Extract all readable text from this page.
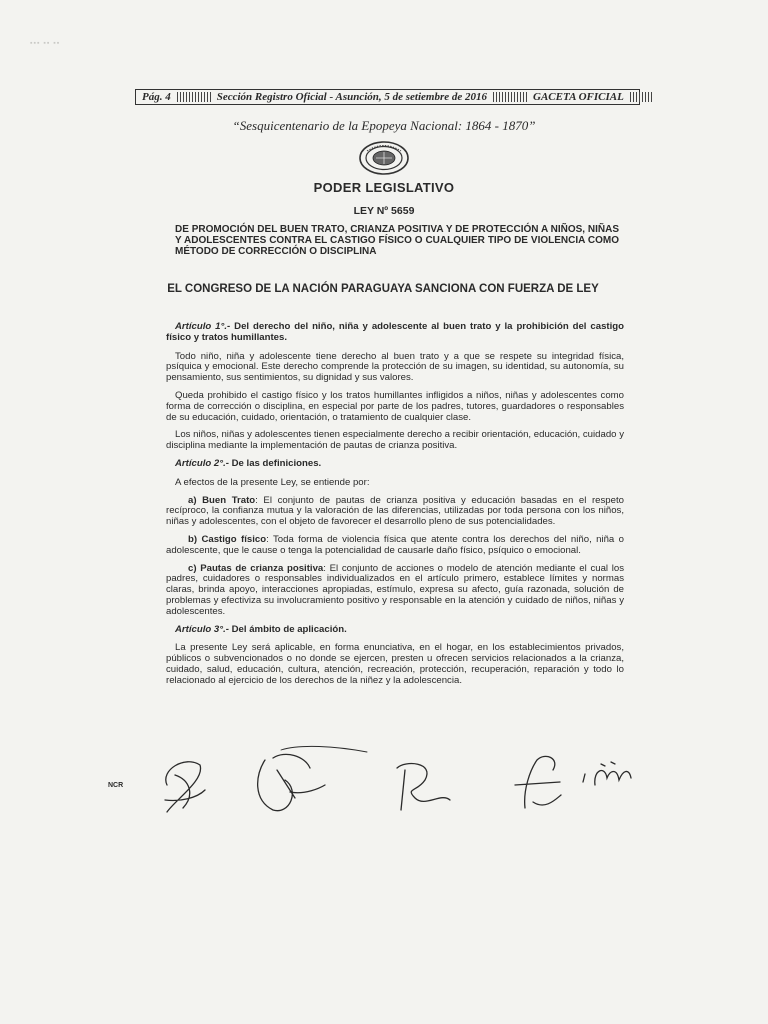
▪▪▪ ▪▪ ▪▪
Pág. 4	Sección Registro Oficial - Asunción, 5 de setiembre de 2016	GACETA OFICIAL
“Sesquicentenario de la Epopeya Nacional: 1864 - 1870”
PODER LEGISLATIVO
LEY Nº 5659
DE PROMOCIÓN DEL BUEN TRATO, CRIANZA POSITIVA Y DE PROTECCIÓN A NIÑOS, NIÑAS Y ADOLESCENTES CONTRA EL CASTIGO FÍSICO O CUALQUIER TIPO DE VIOLENCIA COMO MÉTODO DE CORRECCIÓN O DISCIPLINA
EL CONGRESO DE LA NACIÓN PARAGUAYA SANCIONA CON FUERZA DE LEY

Artículo 1°.- Del derecho del niño, niña y adolescente al buen trato y la prohibición del castigo físico y tratos humillantes.

Todo niño, niña y adolescente tiene derecho al buen trato y a que se respete su integridad física, psíquica y emocional. Este derecho comprende la protección de su imagen, su identidad, su autonomía, su pensamiento, sus sentimientos, su dignidad y sus valores.

Queda prohibido el castigo físico y los tratos humillantes infligidos a niños, niñas y adolescentes como forma de corrección o disciplina, en especial por parte de los padres, tutores, guardadores o responsables de su educación, cuidado, orientación, o tratamiento de cualquier clase.

Los niños, niñas y adolescentes tienen especialmente derecho a recibir orientación, educación, cuidado y disciplina mediante la implementación de pautas de crianza positiva.

Artículo 2°.- De las definiciones.

A efectos de la presente Ley, se entiende por:

a) Buen Trato: El conjunto de pautas de crianza positiva y educación basadas en el respeto recíproco, la confianza mutua y la valoración de las diferencias, utilizadas por toda persona con los niños, niñas y adolescentes, con el objeto de favorecer el desarrollo pleno de sus potencialidades.

b) Castigo físico: Toda forma de violencia física que atente contra los derechos del niño, niña o adolescente, que le cause o tenga la potencialidad de causarle daño físico, psíquico o emocional.

c) Pautas de crianza positiva: El conjunto de acciones o modelo de atención mediante el cual los padres, cuidadores o responsables individualizados en el artículo primero, establece límites y normas claras, brinda apoyo, interacciones apropiadas, estímulo, expresa su afecto, guía razonada, solución de problemas y efectiviza su involucramiento positivo y responsable en la atención y cuidado de niños, niñas y adolescentes.

Artículo 3°.- Del ámbito de aplicación.

La presente Ley será aplicable, en forma enunciativa, en el hogar, en los establecimientos privados, públicos o subvencionados o no donde se ejercen, presten u ofrecen servicios relacionados a la crianza, cuidado, salud, educación, cultura, atención, recreación, protección, recuperación, reparación y todo lo relacionado al ejercicio de los derechos de la niñez y la adolescencia.

NCR
